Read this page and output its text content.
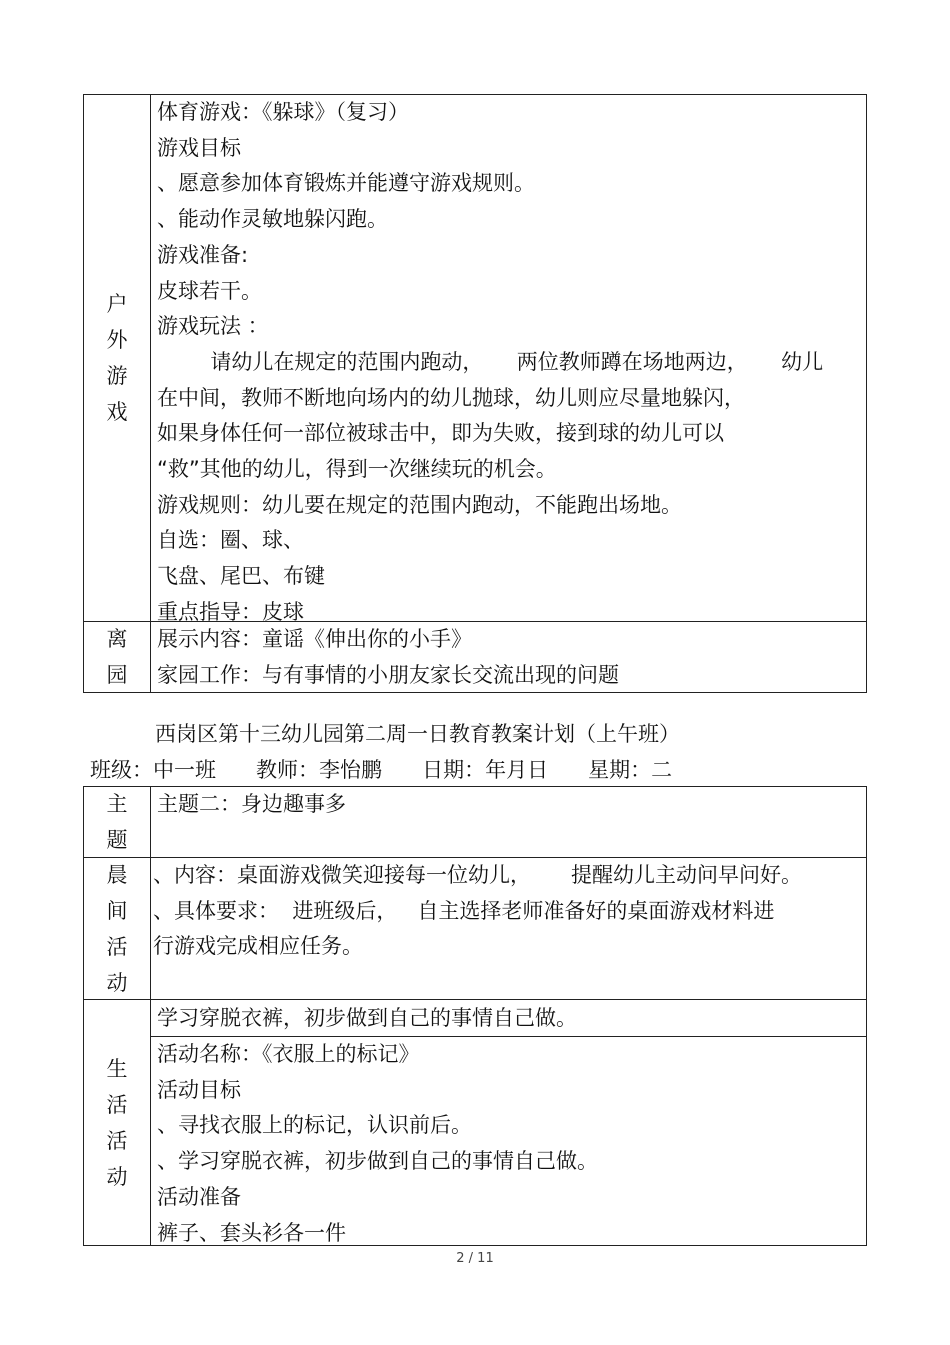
户
外
游
戏
体育游戏：《躲球》（复习）
游戏目标
、愿意参加体育锻炼并能遵守游戏规则。
、能动作灵敏地躲闪跑。
游戏准备:
皮球若干。
游戏玩法 ：
请幼儿在规定的范围内跑动，     两位教师蹲在场地两边，     幼儿
在中间，教师不断地向场内的幼儿抛球，幼儿则应尽量地躲闪，
如果身体任何一部位被球击中，即为失败，接到球的幼儿可以
“救”其他的幼儿，得到一次继续玩的机会。
游戏规则：幼儿要在规定的范围内跑动，不能跑出场地。
自选：圈、球、
飞盘、尾巴、布键
重点指导：皮球
离
园
展示内容：童谣《伸出你的小手》
家园工作：与有事情的小朋友家长交流出现的问题
西岗区第十三幼儿园第二周一日教育教案计划（上午班）
班级：中一班      教师：李怡鹏      日期：年月日      星期：二
主
题
主题二：身边趣事多
晨
间
活
动
、内容：桌面游戏微笑迎接每一位幼儿，      提醒幼儿主动问早问好。
、具体要求：  进班级后，   自主选择老师准备好的桌面游戏材料进
行游戏完成相应任务。
生
活
活
动
学习穿脱衣裤，初步做到自己的事情自己做。
活动名称：《衣服上的标记》
活动目标
、寻找衣服上的标记，认识前后。
、学习穿脱衣裤，初步做到自己的事情自己做。
活动准备
裤子、套头衫各一件
2 / 11
